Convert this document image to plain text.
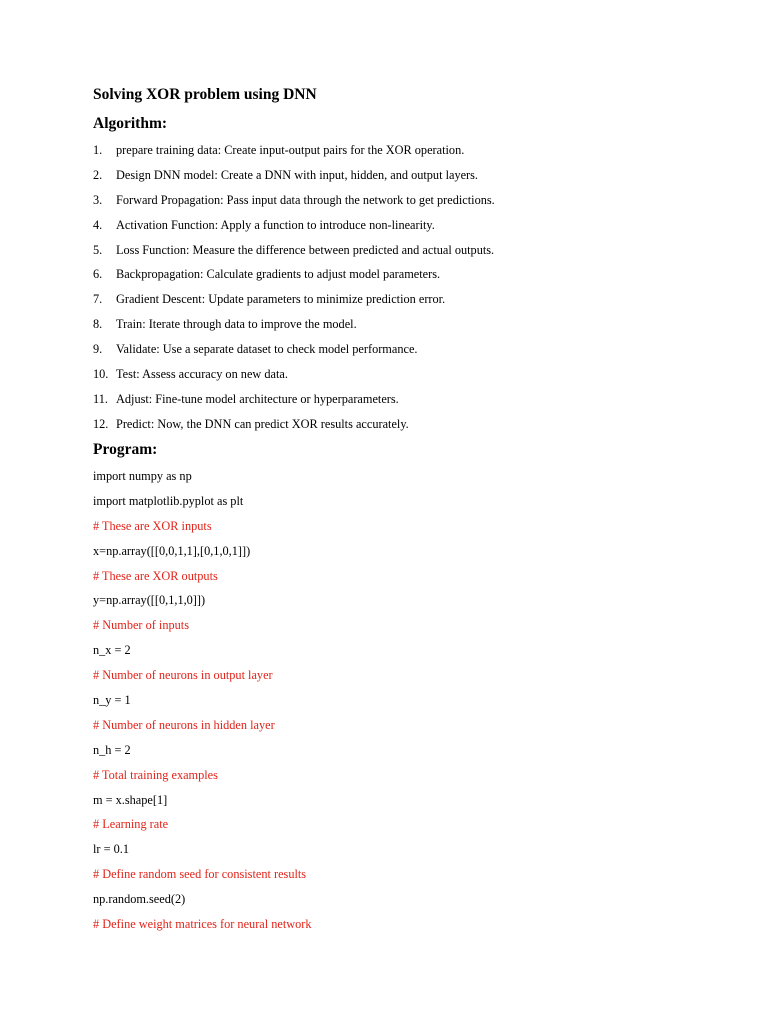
Solving XOR problem using DNN
Algorithm:
1. prepare training data: Create input-output pairs for the XOR operation.
2. Design DNN model: Create a DNN with input, hidden, and output layers.
3. Forward Propagation: Pass input data through the network to get predictions.
4. Activation Function: Apply a function to introduce non-linearity.
5. Loss Function: Measure the difference between predicted and actual outputs.
6. Backpropagation: Calculate gradients to adjust model parameters.
7. Gradient Descent: Update parameters to minimize prediction error.
8. Train: Iterate through data to improve the model.
9. Validate: Use a separate dataset to check model performance.
10. Test: Assess accuracy on new data.
11. Adjust: Fine-tune model architecture or hyperparameters.
12. Predict: Now, the DNN can predict XOR results accurately.
Program:
import numpy as np
import matplotlib.pyplot as plt
# These are XOR inputs
x=np.array([[0,0,1,1],[0,1,0,1]])
# These are XOR outputs
y=np.array([[0,1,1,0]])
# Number of inputs
n_x = 2
# Number of neurons in output layer
n_y = 1
# Number of neurons in hidden layer
n_h = 2
# Total training examples
m = x.shape[1]
# Learning rate
lr = 0.1
# Define random seed for consistent results
np.random.seed(2)
# Define weight matrices for neural network
